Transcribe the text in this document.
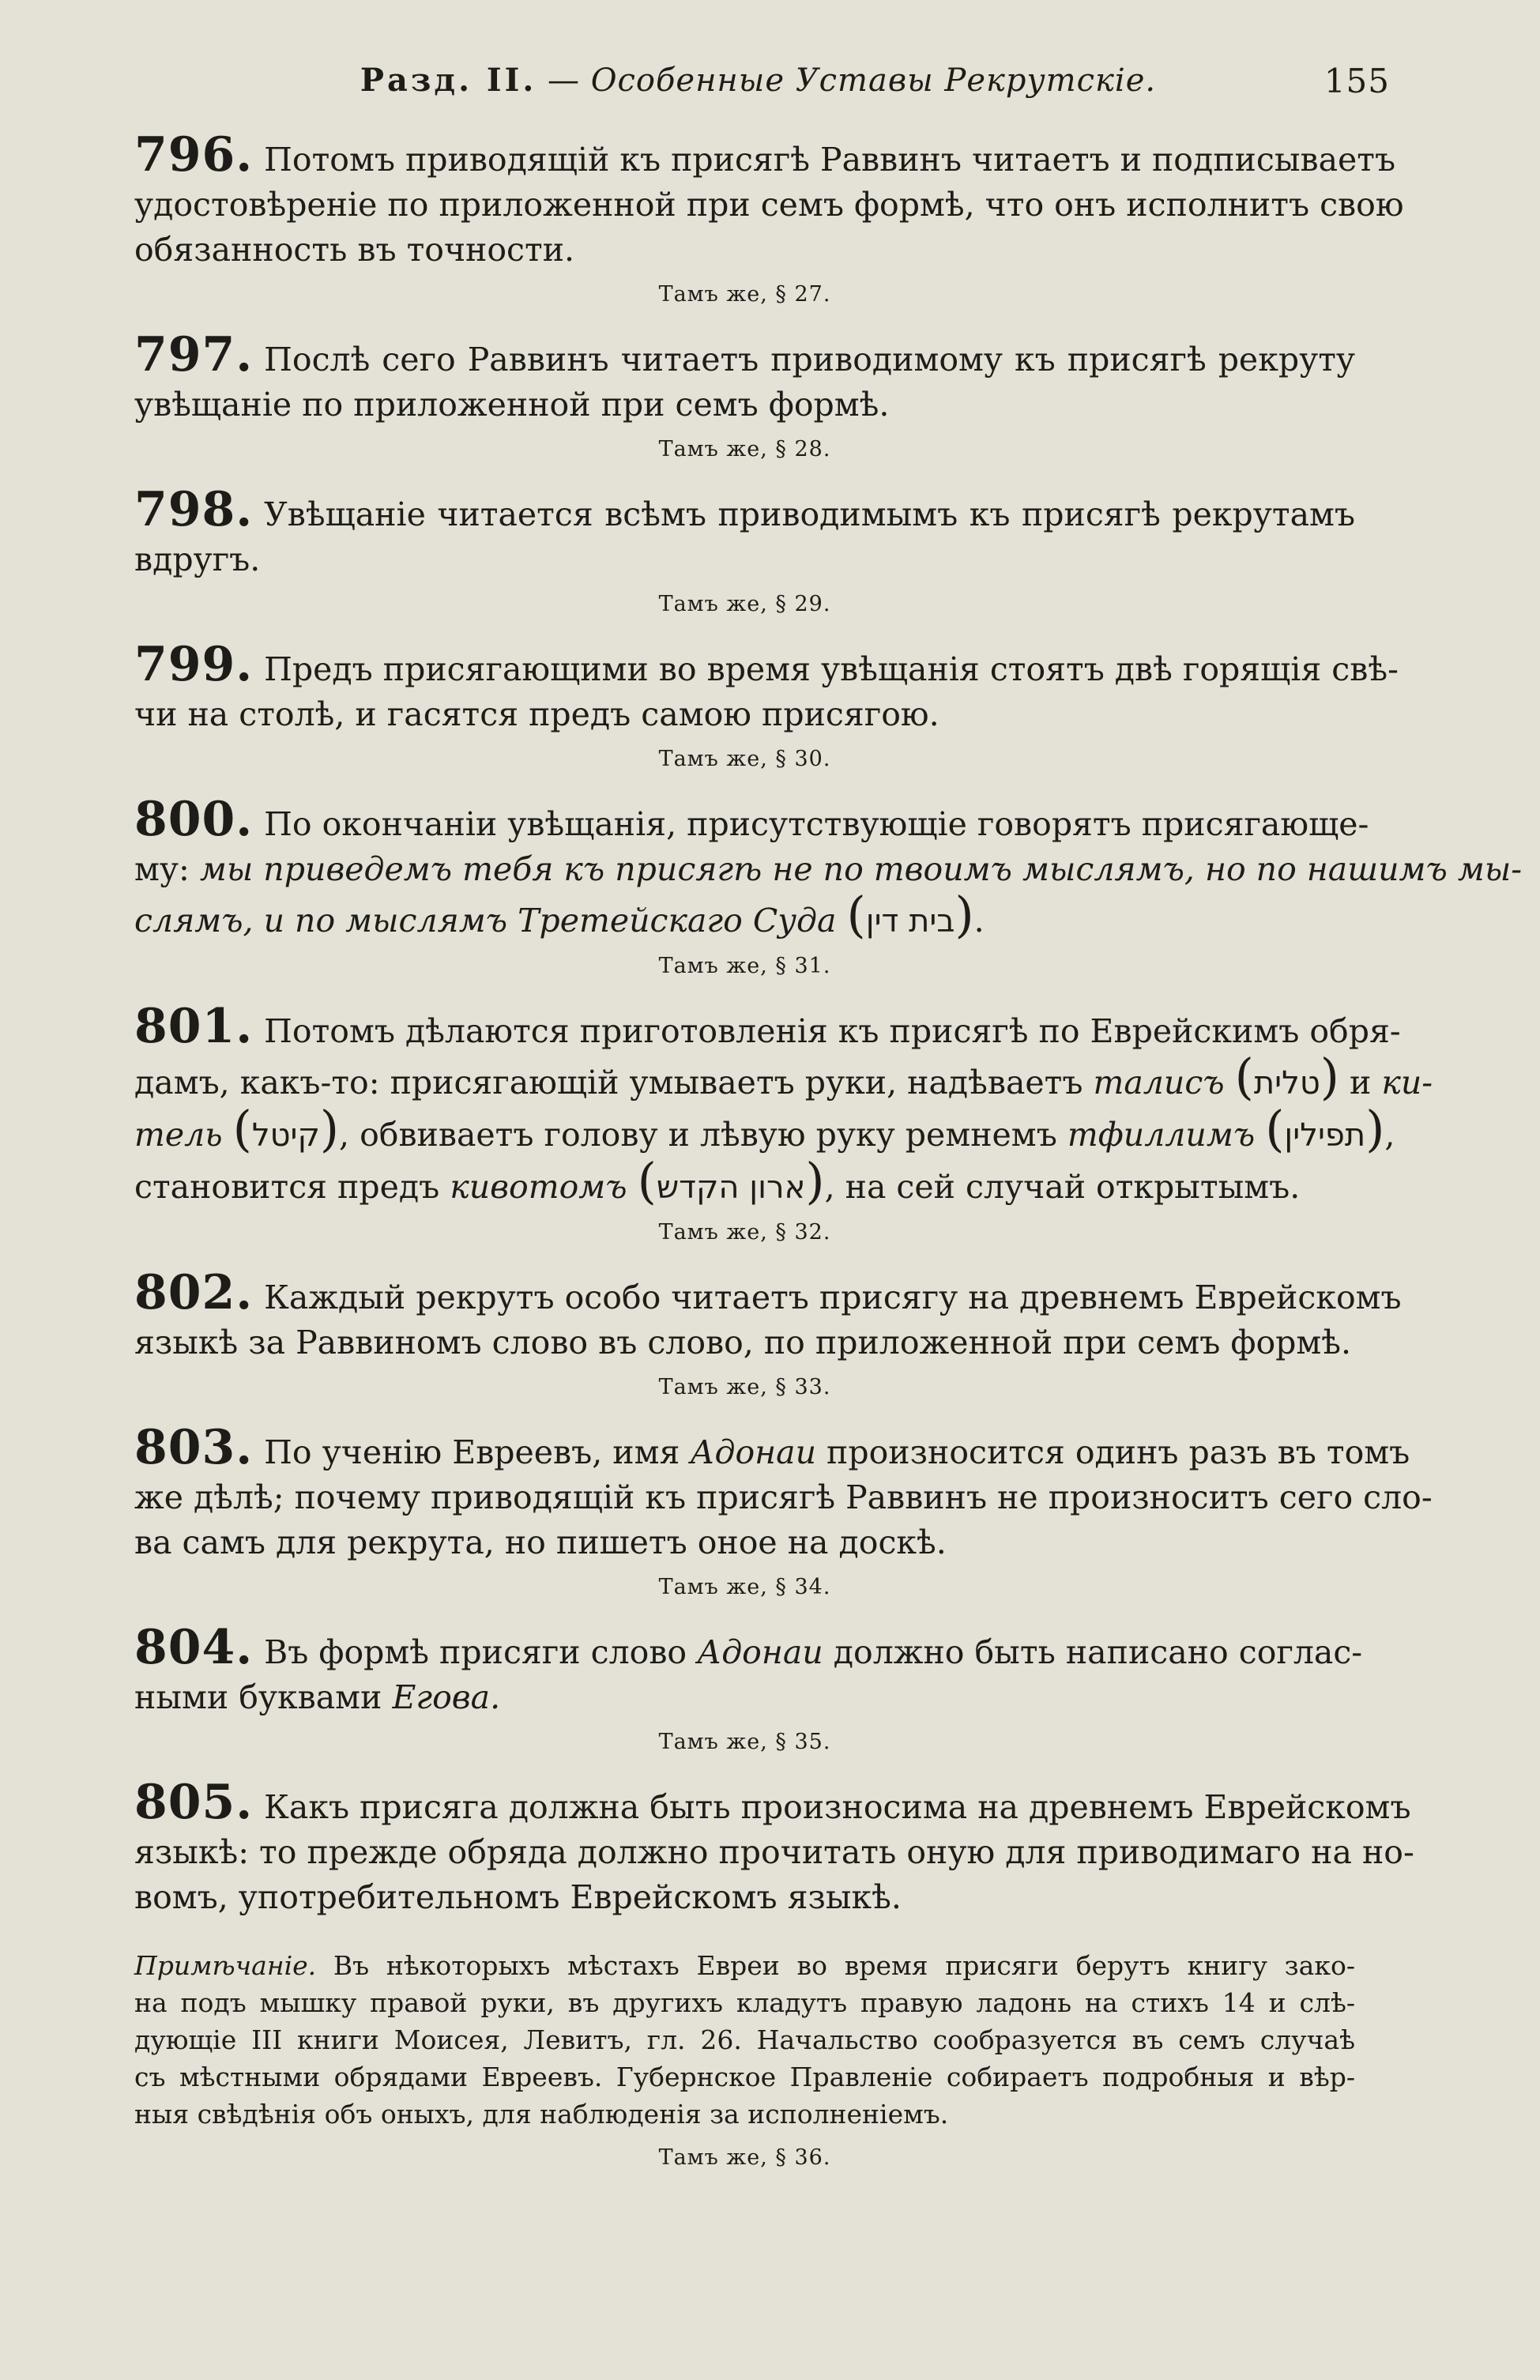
Разд. II. — Особенные Уставы Рекрутскіе.	155
796. Потомъ приводящій къ присягѣ Раввинъ читаетъ и подписываетъ
удостовѣреніе по приложенной при семъ формѣ, что онъ исполнитъ свою
обязанность въ точности.
Тамъ же, § 27.
797. Послѣ сего Раввинъ читаетъ приводимому къ присягѣ рекруту
увѣщаніе по приложенной при семъ формѣ.
Тамъ же, § 28.
798. Увѣщаніе читается всѣмъ приводимымъ къ присягѣ рекрутамъ
вдругъ.
Тамъ же, § 29.
799. Предъ присягающими во время увѣщанія стоятъ двѣ горящія свѣ-
чи на столѣ, и гасятся предъ самою присягою.
Тамъ же, § 30.
800. По окончаніи увѣщанія, присутствующіе говорятъ присягающе-
му: мы приведемъ тебя къ присягѣ не по твоимъ мыслямъ, но по нашимъ мы-
слямъ, и по мыслямъ Третейскаго Суда (בית דין).
Тамъ же, § 31.
801. Потомъ дѣлаются приготовленія къ присягѣ по Еврейскимъ обря-
дамъ, какъ-то: присягающій умываетъ руки, надѣваетъ талисъ (טלית) и ки-
тель (קיטל), обвиваетъ голову и лѣвую руку ремнемъ тфиллимъ (תפילין),
становится предъ кивотомъ (ארון הקדש), на сей случай открытымъ.
Тамъ же, § 32.
802. Каждый рекрутъ особо читаетъ присягу на древнемъ Еврейскомъ
языкѣ за Раввиномъ слово въ слово, по приложенной при семъ формѣ.
Тамъ же, § 33.
803. По ученію Евреевъ, имя Адонаи произносится одинъ разъ въ томъ
же дѣлѣ; почему приводящій къ присягѣ Раввинъ не произноситъ сего сло-
ва самъ для рекрута, но пишетъ оное на доскѣ.
Тамъ же, § 34.
804. Въ формѣ присяги слово Адонаи должно быть написано соглас-
ными буквами Егова.
Тамъ же, § 35.
805. Какъ присяга должна быть произносима на древнемъ Еврейскомъ
языкѣ: то прежде обряда должно прочитать оную для приводимаго на но-
вомъ, употребительномъ Еврейскомъ языкѣ.
Примѣчаніе. Въ нѣкоторыхъ мѣстахъ Евреи во время присяги берутъ книгу зако-
на подъ мышку правой руки, въ другихъ кладутъ правую ладонь на стихъ 14 и слѣ-
дующіе III книги Моисея, Левитъ, гл. 26. Начальство сообразуется въ семъ случаѣ
съ мѣстными обрядами Евреевъ. Губернское Правленіе собираетъ подробныя и вѣр-
ныя свѣдѣнія объ оныхъ, для наблюденія за исполненіемъ.
Тамъ же, § 36.
